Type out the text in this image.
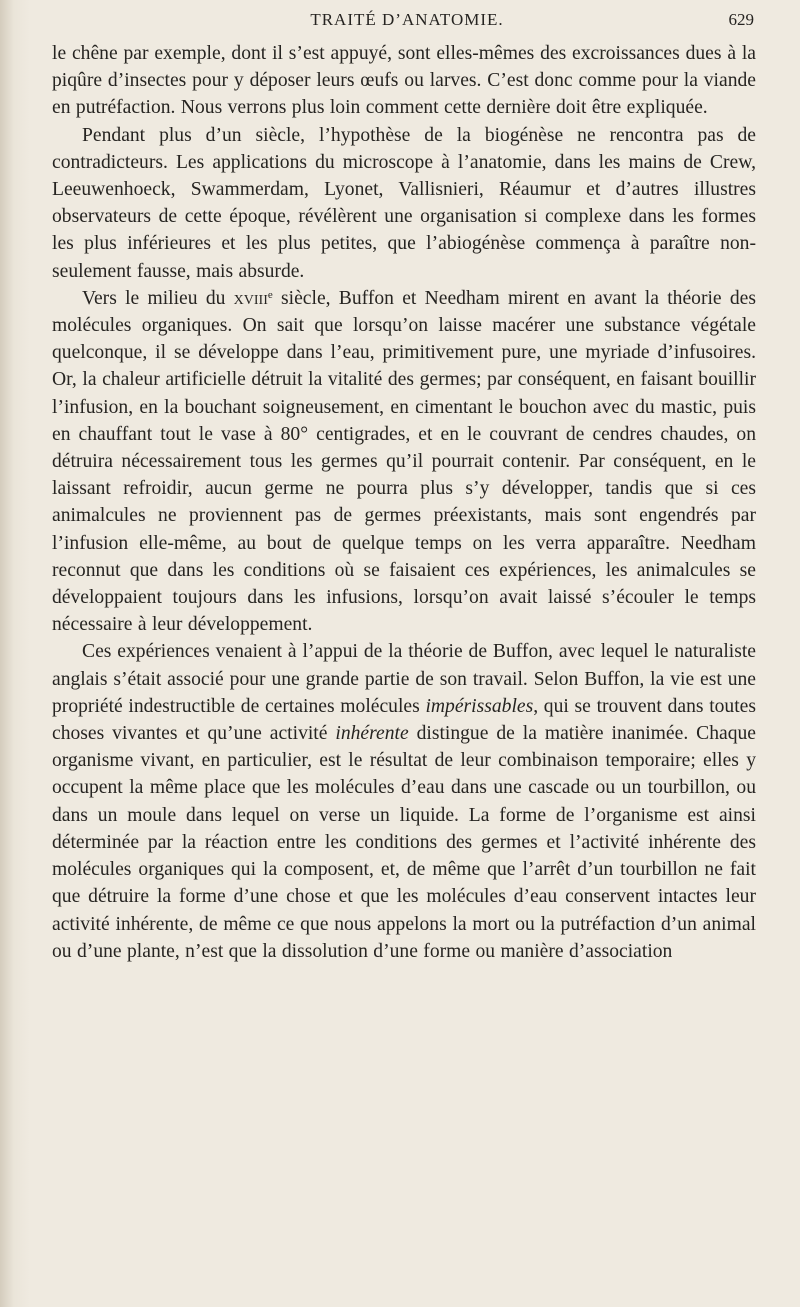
TRAITÉ D’ANATOMIE.	629

le chêne par exemple, dont il s’est appuyé, sont elles-mêmes des excroissances dues à la piqûre d’insectes pour y déposer leurs œufs ou larves. C’est donc comme pour la viande en putréfaction. Nous verrons plus loin comment cette dernière doit être expliquée.

Pendant plus d’un siècle, l’hypothèse de la biogénèse ne rencontra pas de contradicteurs. Les applications du microscope à l’anatomie, dans les mains de Crew, Leeuwenhoeck, Swammerdam, Lyonet, Vallisnieri, Réaumur et d’autres illustres observateurs de cette époque, révélèrent une organisation si complexe dans les formes les plus inférieures et les plus petites, que l’abiogénèse commença à paraître non-seulement fausse, mais absurde.

Vers le milieu du xviii$^e$ siècle, Buffon et Needham mirent en avant la théorie des molécules organiques. On sait que lorsqu’on laisse macérer une substance végétale quelconque, il se développe dans l’eau, primitivement pure, une myriade d’infusoires. Or, la chaleur artificielle détruit la vitalité des germes; par conséquent, en faisant bouillir l’infusion, en la bouchant soigneusement, en cimentant le bouchon avec du mastic, puis en chauffant tout le vase à 80° centigrades, et en le couvrant de cendres chaudes, on détruira nécessairement tous les germes qu’il pourrait contenir. Par conséquent, en le laissant refroidir, aucun germe ne pourra plus s’y développer, tandis que si ces animalcules ne proviennent pas de germes préexistants, mais sont engendrés par l’infusion elle-même, au bout de quelque temps on les verra apparaître. Needham reconnut que dans les conditions où se faisaient ces expériences, les animalcules se développaient toujours dans les infusions, lorsqu’on avait laissé s’écouler le temps nécessaire à leur développement.

Ces expériences venaient à l’appui de la théorie de Buffon, avec lequel le naturaliste anglais s’était associé pour une grande partie de son travail. Selon Buffon, la vie est une propriété indestructible de certaines molécules impérissables, qui se trouvent dans toutes choses vivantes et qu’une activité inhérente distingue de la matière inanimée. Chaque organisme vivant, en particulier, est le résultat de leur combinaison temporaire; elles y occupent la même place que les molécules d’eau dans une cascade ou un tourbillon, ou dans un moule dans lequel on verse un liquide. La forme de l’organisme est ainsi déterminée par la réaction entre les conditions des germes et l’activité inhérente des molécules organiques qui la composent, et, de même que l’arrêt d’un tourbillon ne fait que détruire la forme d’une chose et que les molécules d’eau conservent intactes leur activité inhérente, de même ce que nous appelons la mort ou la putréfaction d’un animal ou d’une plante, n’est que la dissolution d’une forme ou manière d’association
